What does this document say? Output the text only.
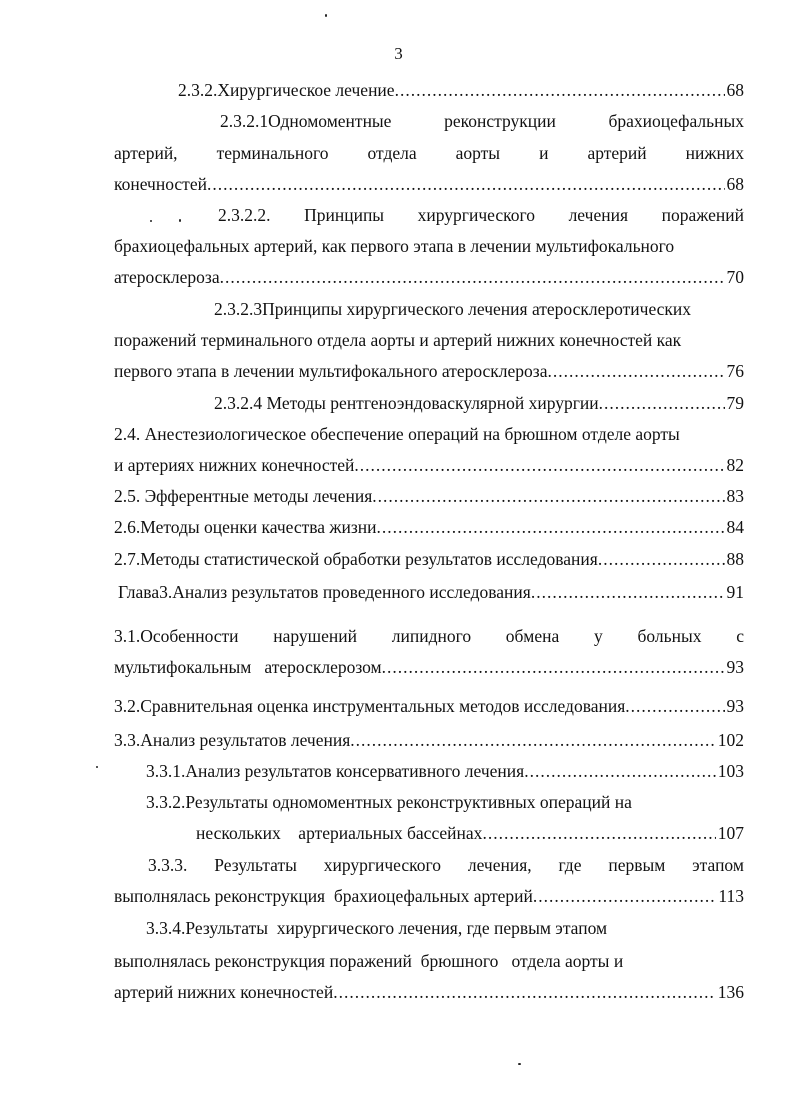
3
2.3.2.Хирургическое лечение .....	68
2.3.2.1Одномоментные	реконструкции	брахиоцефальных
артерий, терминального отдела аорты и артерий нижних
конечностей .....	68
2.3.2.2. Принципы хирургического лечения поражений
брахиоцефальных артерий, как первого этапа в лечении мультифокального
атеросклероза .....	70
2.3.2.3Принципы хирургического лечения атеросклеротических
поражений терминального отдела аорты и артерий нижних конечностей как
первого этапа в лечении мультифокального атеросклероза .....	76
2.3.2.4 Методы рентгеноэндоваскулярной хирургии .....	79
2.4. Анестезиологическое обеспечение операций на брюшном отделе аорты
и артериях нижних конечностей .....	82
2.5. Эфферентные методы лечения .....	83
2.6.Методы оценки качества жизни .....	84
2.7.Методы статистической обработки результатов исследования .....	88
Глава3.Анализ результатов проведенного исследования .....	91
3.1.Особенности нарушений липидного обмена у больных с
мультифокальным   атеросклерозом .....	93
3.2.Сравнительная оценка инструментальных методов исследования .....	93
3.3.Анализ результатов лечения .....	102
3.3.1.Анализ результатов консервативного лечения .....	103
3.3.2.Результаты одномоментных реконструктивных операций на
нескольких    артериальных бассейнах .....	107
3.3.3. Результаты хирургического лечения, где первым этапом
выполнялась реконструкция  брахиоцефальных артерий .....	113
3.3.4.Результаты  хирургического лечения, где первым этапом
выполнялась реконструкция поражений  брюшного   отдела аорты и
артерий нижних конечностей .....	136
